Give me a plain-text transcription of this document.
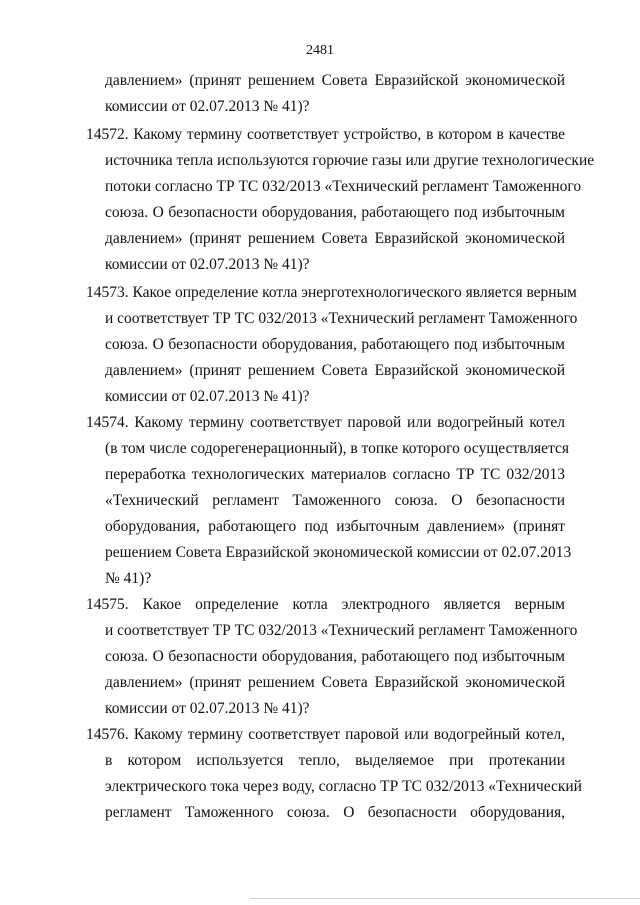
2481
давлением» (принят решением Совета Евразийской экономической
комиссии от 02.07.2013 № 41)?
14572. Какому термину соответствует устройство, в котором в качестве
источника тепла используются горючие газы или другие технологические
потоки согласно ТР ТС 032/2013 «Технический регламент Таможенного
союза. О безопасности оборудования, работающего под избыточным
давлением» (принят решением Совета Евразийской экономической
комиссии от 02.07.2013 № 41)?
14573. Какое определение котла энерготехнологического является верным
и соответствует ТР ТС 032/2013 «Технический регламент Таможенного
союза. О безопасности оборудования, работающего под избыточным
давлением» (принят решением Совета Евразийской экономической
комиссии от 02.07.2013 № 41)?
14574. Какому термину соответствует паровой или водогрейный котел
(в том числе содорегенерационный), в топке которого осуществляется
переработка технологических материалов согласно ТР ТС 032/2013
«Технический регламент Таможенного союза. О безопасности
оборудования, работающего под избыточным давлением» (принят
решением Совета Евразийской экономической комиссии от 02.07.2013
№ 41)?
14575. Какое определение котла электродного является верным
и соответствует ТР ТС 032/2013 «Технический регламент Таможенного
союза. О безопасности оборудования, работающего под избыточным
давлением» (принят решением Совета Евразийской экономической
комиссии от 02.07.2013 № 41)?
14576. Какому термину соответствует паровой или водогрейный котел,
в котором используется тепло, выделяемое при протекании
электрического тока через воду, согласно ТР ТС 032/2013 «Технический
регламент Таможенного союза. О безопасности оборудования,
